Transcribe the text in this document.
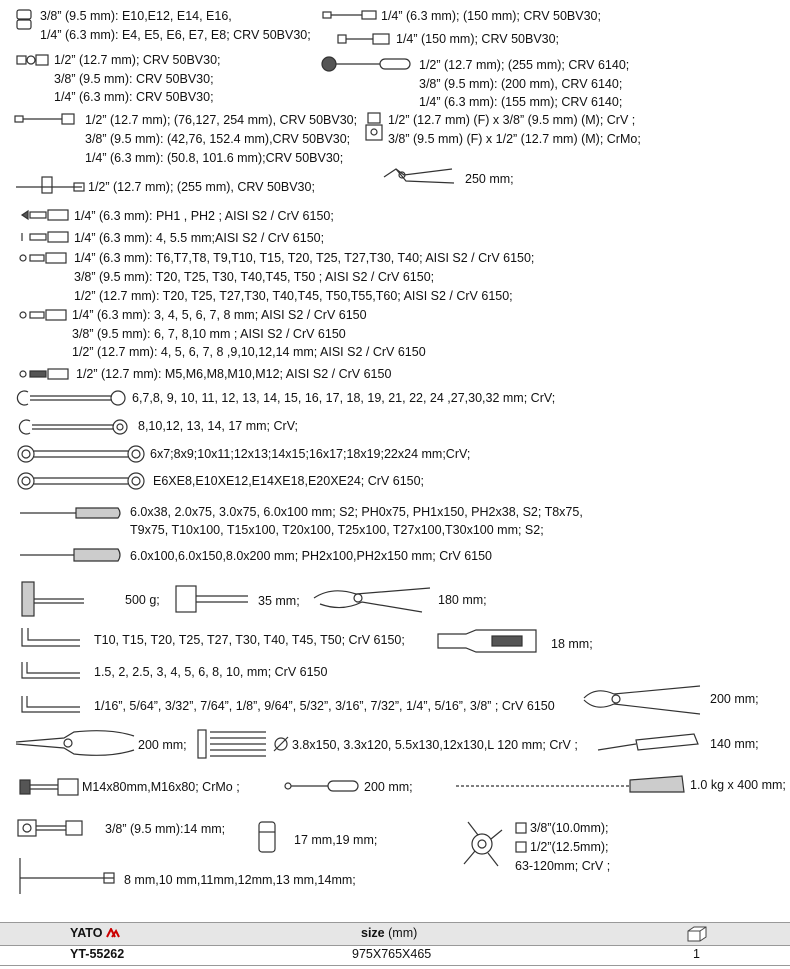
3/8” (9.5 mm): E10,E12, E14, E16,
1/4” (6.3 mm): E4, E5, E6, E7, E8; CRV 50BV30;
1/4” (6.3 mm); (150 mm); CRV 50BV30;
1/4” (150 mm); CRV 50BV30;
1/2” (12.7 mm); CRV 50BV30;
3/8” (9.5 mm): CRV 50BV30;
1/4” (6.3 mm): CRV 50BV30;
1/2” (12.7 mm); (255 mm); CRV 6140;
3/8” (9.5 mm): (200 mm), CRV 6140;
1/4” (6.3 mm): (155 mm); CRV 6140;
1/2” (12.7 mm); (76,127, 254 mm), CRV 50BV30;
3/8” (9.5 mm): (42,76, 152.4 mm),CRV 50BV30;
1/4” (6.3 mm): (50.8, 101.6 mm);CRV 50BV30;
1/2” (12.7 mm) (F) x 3/8” (9.5 mm) (M); CrV ;
3/8” (9.5 mm) (F) x 1/2” (12.7 mm) (M); CrMo;
1/2” (12.7 mm); (255 mm), CRV 50BV30;
250 mm;
1/4” (6.3 mm): PH1 , PH2 ; AISI S2 / CrV 6150;
1/4” (6.3 mm): 4, 5.5 mm;AISI S2 / CrV 6150;
1/4” (6.3 mm): T6,T7,T8, T9,T10, T15, T20, T25, T27,T30, T40; AISI S2 / CrV 6150;
3/8” (9.5 mm): T20, T25, T30, T40,T45, T50 ; AISI S2 / CrV 6150;
1/2” (12.7 mm): T20, T25, T27,T30, T40,T45, T50,T55,T60; AISI S2 / CrV 6150;
1/4” (6.3 mm): 3, 4, 5, 6, 7, 8 mm; AISI S2 / CrV 6150
3/8” (9.5 mm): 6, 7, 8,10 mm ; AISI S2 / CrV 6150
1/2” (12.7 mm): 4, 5, 6, 7, 8 ,9,10,12,14 mm; AISI S2 / CrV 6150
1/2” (12.7 mm): M5,M6,M8,M10,M12; AISI S2 / CrV 6150
6,7,8, 9, 10, 11, 12, 13, 14, 15, 16, 17, 18, 19, 21, 22, 24 ,27,30,32 mm; CrV;
8,10,12, 13, 14, 17 mm; CrV;
6x7;8x9;10x11;12x13;14x15;16x17;18x19;22x24 mm;CrV;
E6XE8,E10XE12,E14XE18,E20XE24; CrV 6150;
6.0x38, 2.0x75, 3.0x75, 6.0x100 mm; S2; PH0x75, PH1x150, PH2x38, S2; T8x75,
T9x75, T10x100, T15x100, T20x100, T25x100, T27x100,T30x100 mm; S2;
6.0x100,6.0x150,8.0x200 mm; PH2x100,PH2x150 mm; CrV 6150
500 g;	35 mm;	180 mm;
T10, T15, T20, T25, T27, T30, T40, T45, T50; CrV 6150;	18 mm;
1.5, 2, 2.5, 3, 4, 5, 6, 8, 10, mm; CrV 6150
1/16”, 5/64”, 3/32”, 7/64”, 1/8”, 9/64”, 5/32”, 3/16”, 7/32”, 1/4”, 5/16”, 3/8” ; CrV 6150	200 mm;
200 mm;	3.8x150, 3.3x120, 5.5x130,12x130,L 120 mm; CrV ;	140 mm;
M14x80mm,M16x80; CrMo ;	200 mm;	1.0 kg x 400 mm;
3/8” (9.5 mm):14 mm;
17 mm,19 mm;
3/8”(10.0mm);
1/2”(12.5mm);
63-120mm; CrV ;
8 mm,10 mm,11mm,12mm,13 mm,14mm;
YATO	size (mm)
YT-55262	975X765X465	1
